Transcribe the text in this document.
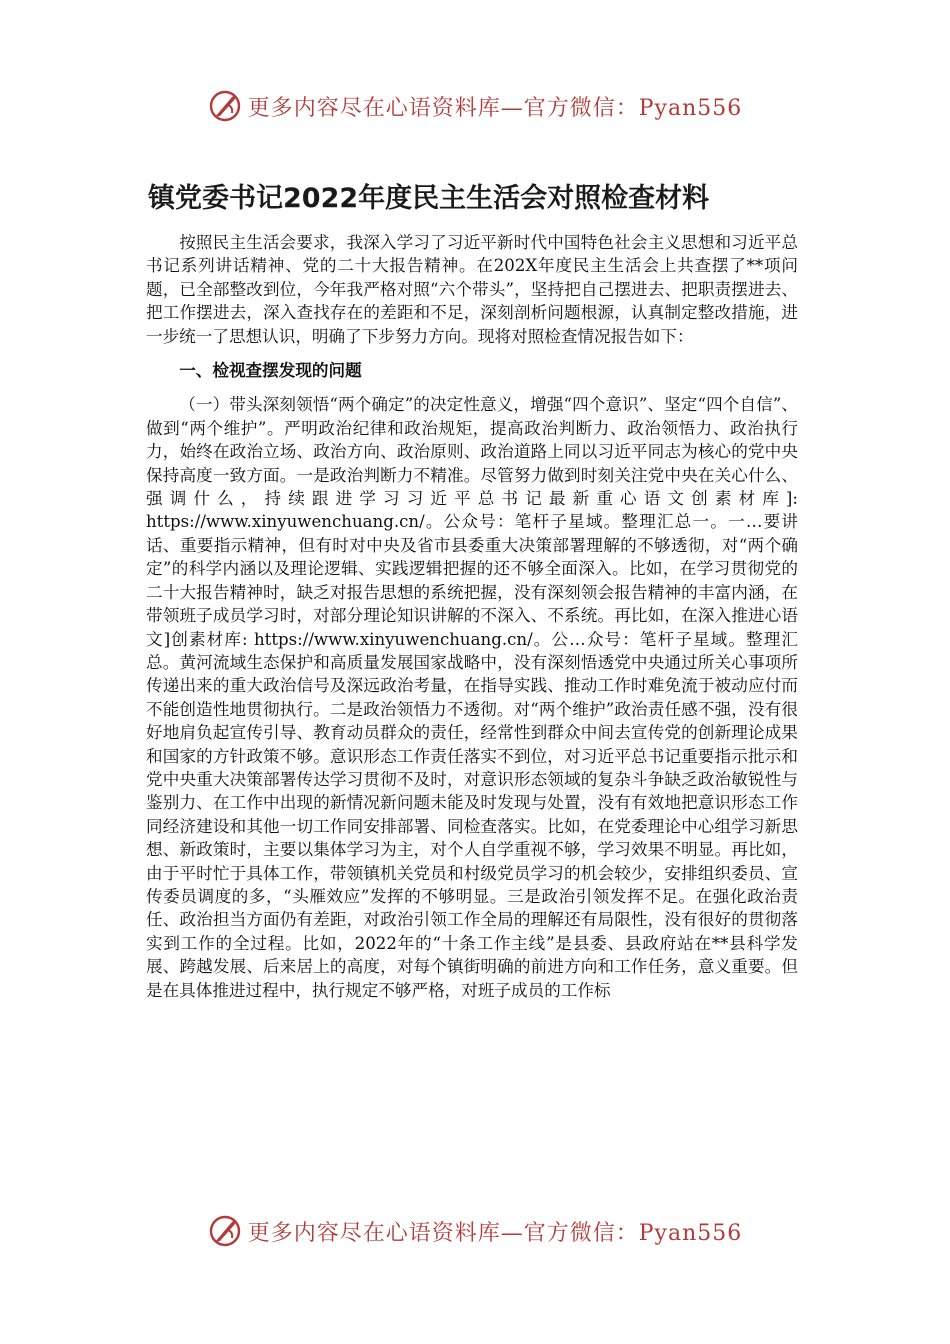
更多内容尽在心语资料库—官方微信：Pyan556
镇党委书记2022年度民主生活会对照检查材料

按照民主生活会要求，我深入学习了习近平新时代中国特色社会主义思想和习近平总书记系列讲话精神、党的二十大报告精神。在202X年度民主生活会上共查摆了**项问题，已全部整改到位，今年我严格对照“六个带头”，坚持把自己摆进去、把职责摆进去、把工作摆进去，深入查找存在的差距和不足，深刻剖析问题根源，认真制定整改措施，进一步统一了思想认识，明确了下步努力方向。现将对照检查情况报告如下：

一、检视查摆发现的问题

（一）带头深刻领悟“两个确定”的决定性意义，增强“四个意识”、坚定“四个自信”、做到“两个维护”。严明政治纪律和政治规矩，提高政治判断力、政治领悟力、政治执行力，始终在政治立场、政治方向、政治原则、政治道路上同以习近平同志为核心的党中央保持高度一致方面。一是政治判断力不精准。尽管努力做到时刻关注党中央在关心什么、强调什么，持续跟进学习习近平总书记最新重心语文创素材库]: https://www.xinyuwenchuang.cn/。公众号：笔杆子星域。整理汇总一。一…要讲话、重要指示精神，但有时对中央及省市县委重大决策部署理解的不够透彻，对“两个确定”的科学内涵以及理论逻辑、实践逻辑把握的还不够全面深入。比如，在学习贯彻党的二十大报告精神时，缺乏对报告思想的系统把握，没有深刻领会报告精神的丰富内涵，在带领班子成员学习时，对部分理论知识讲解的不深入、不系统。再比如，在深入推进心语文]创素材库: https://www.xinyuwenchuang.cn/。公…众号：笔杆子星域。整理汇总。黄河流域生态保护和高质量发展国家战略中，没有深刻悟透党中央通过所关心事项所传递出来的重大政治信号及深远政治考量，在指导实践、推动工作时难免流于被动应付而不能创造性地贯彻执行。二是政治领悟力不透彻。对“两个维护”政治责任感不强，没有很好地肩负起宣传引导、教育动员群众的责任，经常性到群众中间去宣传党的创新理论成果和国家的方针政策不够。意识形态工作责任落实不到位，对习近平总书记重要指示批示和党中央重大决策部署传达学习贯彻不及时，对意识形态领域的复杂斗争缺乏政治敏锐性与鉴别力、在工作中出现的新情况新问题未能及时发现与处置，没有有效地把意识形态工作同经济建设和其他一切工作同安排部署、同检查落实。比如，在党委理论中心组学习新思想、新政策时，主要以集体学习为主，对个人自学重视不够，学习效果不明显。再比如，由于平时忙于具体工作，带领镇机关党员和村级党员学习的机会较少，安排组织委员、宣传委员调度的多，“头雁效应”发挥的不够明显。三是政治引领发挥不足。在强化政治责任、政治担当方面仍有差距，对政治引领工作全局的理解还有局限性，没有很好的贯彻落实到工作的全过程。比如，2022年的“十条工作主线”是县委、县政府站在**县科学发展、跨越发展、后来居上的高度，对每个镇街明确的前进方向和工作任务，意义重要。但是在具体推进过程中，执行规定不够严格，对班子成员的工作标

更多内容尽在心语资料库—官方微信：Pyan556
